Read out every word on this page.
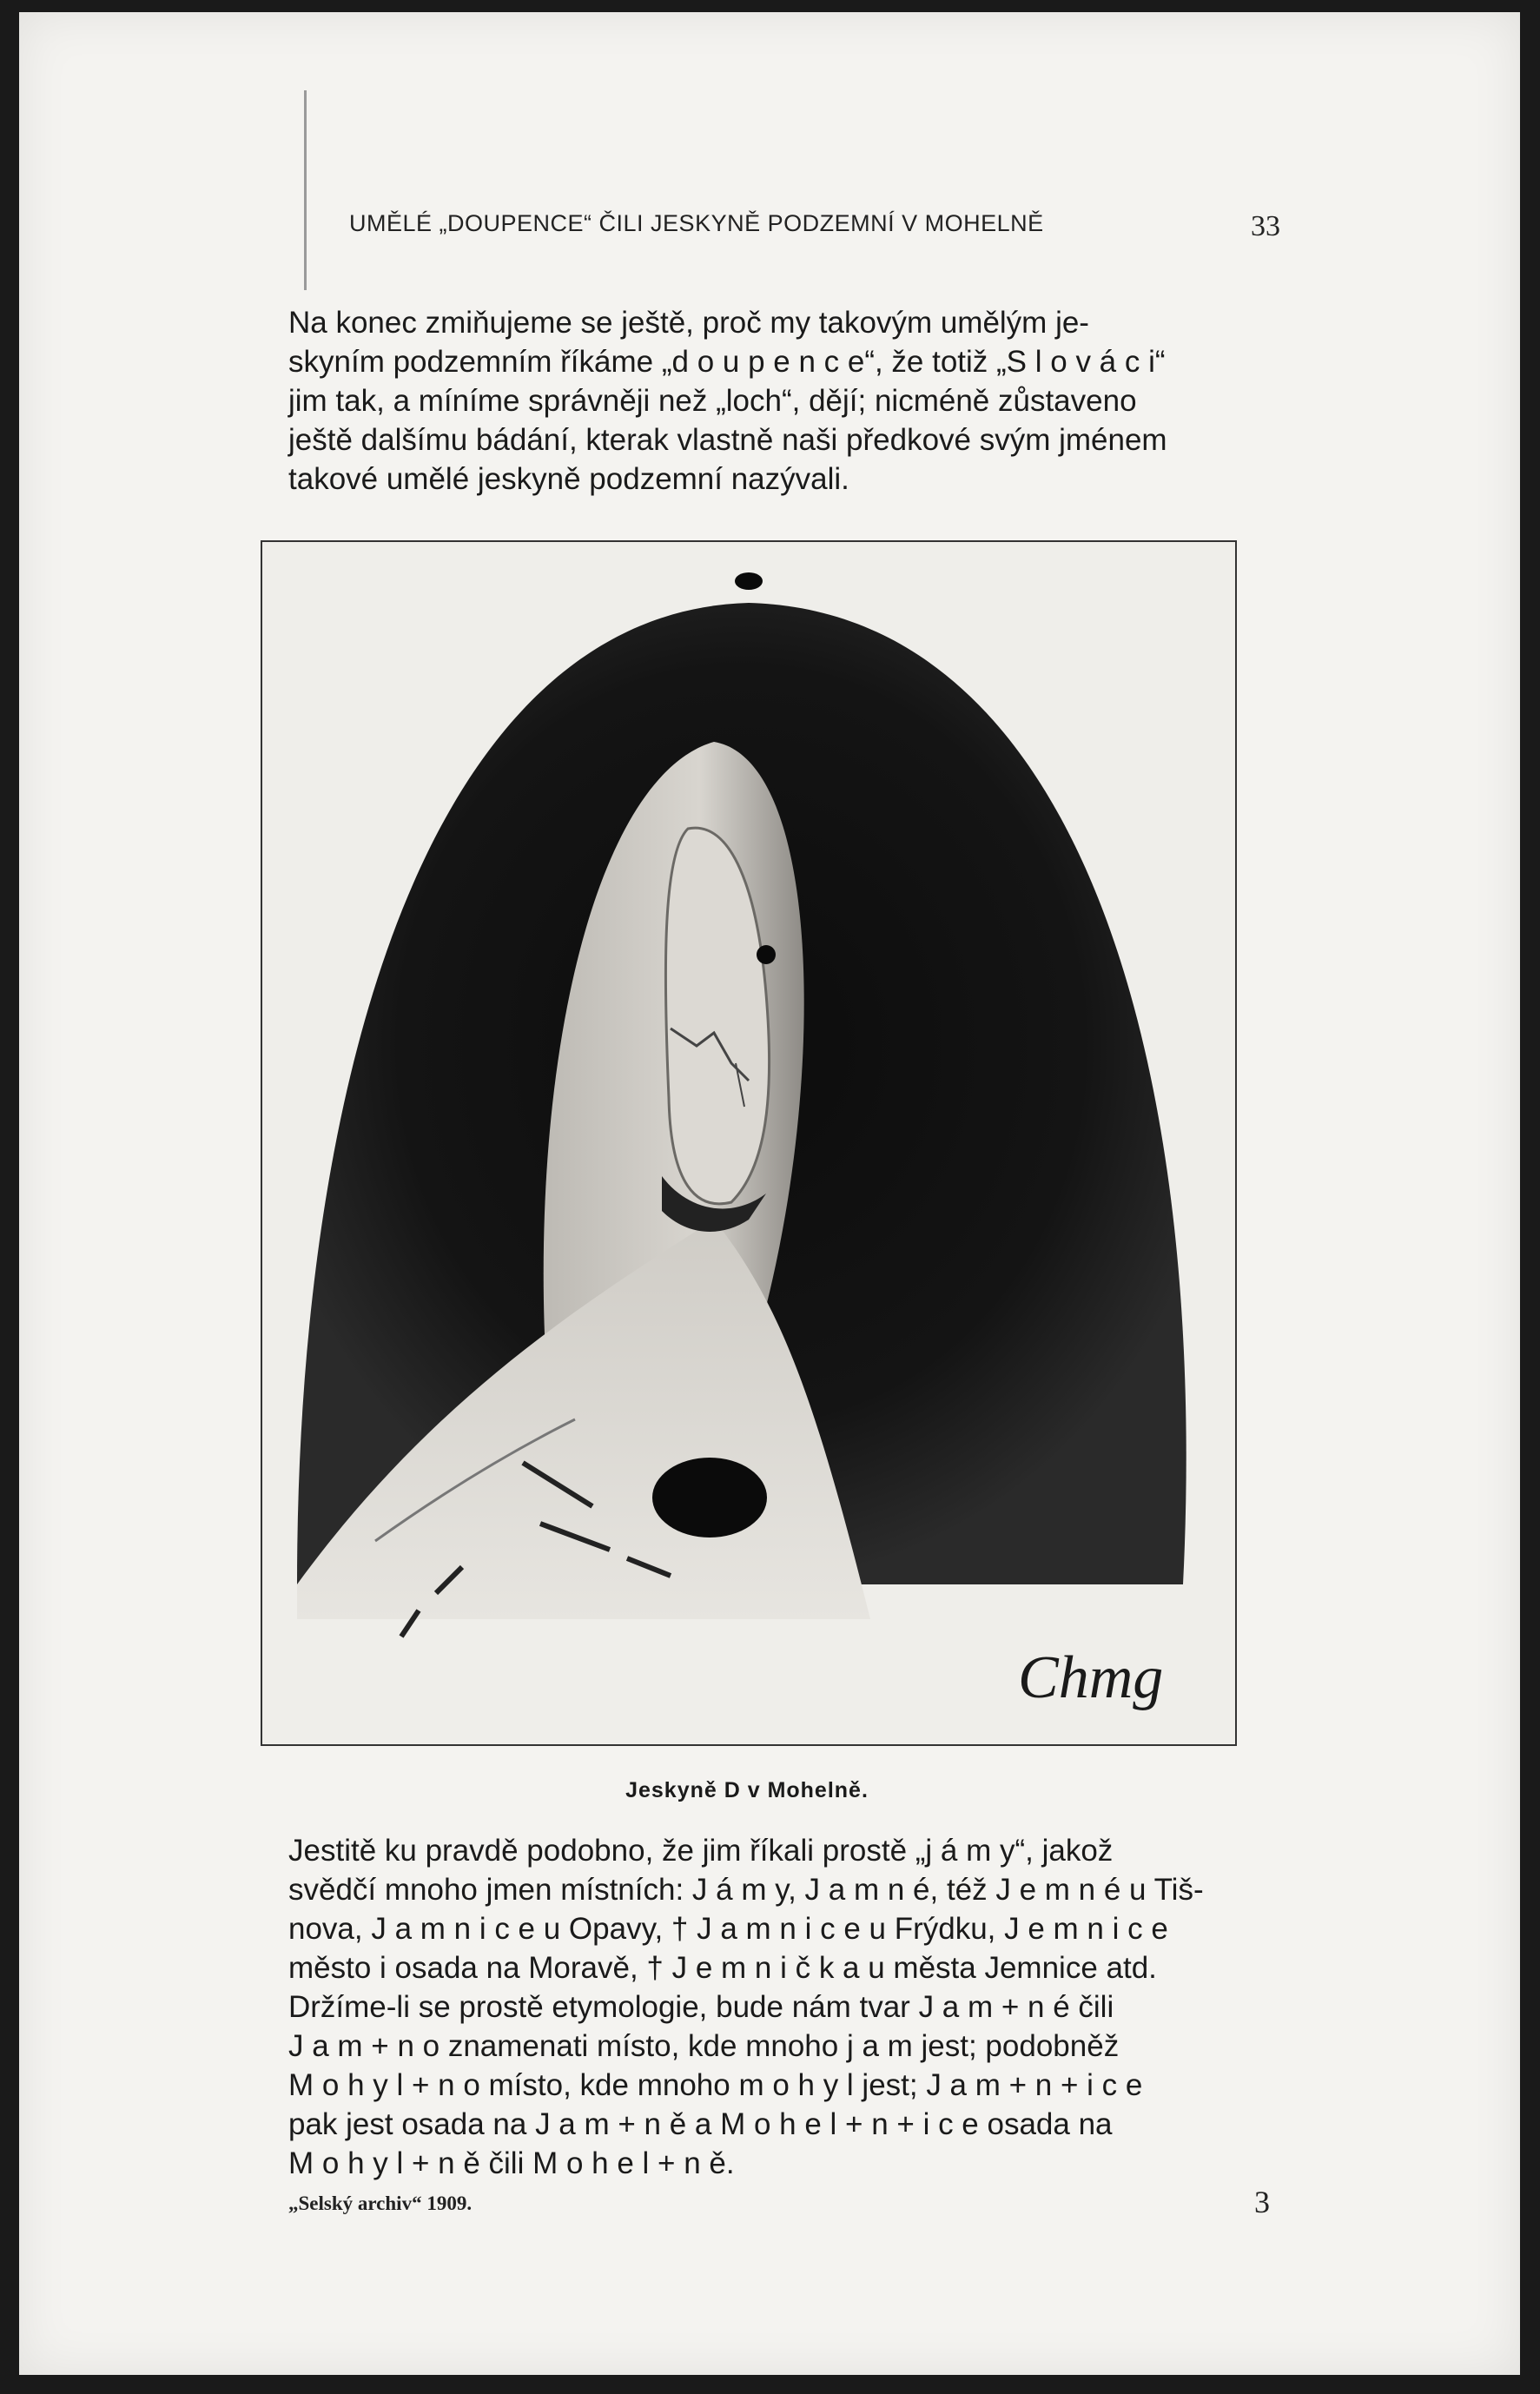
UMĚLÉ „DOUPENCE“ ČILI JESKYNĚ PODZEMNÍ V MOHELNĚ	33

Na konec zmiňujeme se ještě, proč my takovým umělým je-

skyním podzemním říkáme „d o u p e n c e“, že totiž „S l o v á c i“

jim tak, a míníme správněji než „loch“, dějí; nicméně zůstaveno

ještě dalšímu bádání, kterak vlastně naši předkové svým jménem

takové umělé jeskyně podzemní nazývali.

Chmg
Jeskyně D v Mohelně.

Jestitě ku pravdě podobno, že jim říkali prostě „j á m y“, jakož

svědčí mnoho jmen místních: J á m y, J a m n é, též J e m n é u Tiš-

nova, J a m n i c e u Opavy, † J a m n i c e u Frýdku, J e m n i c e

město i osada na Moravě, † J e m n i č k a u města Jemnice atd.

Držíme-li se prostě etymologie, bude nám tvar J a m + n é čili

J a m + n o znamenati místo, kde mnoho j a m jest; podobněž

M o h y l + n o místo, kde mnoho m o h y l jest; J a m + n + i c e

pak jest osada na J a m + n ě a M o h e l + n + i c e osada na

M o h y l + n ě čili M o h e l + n ě.

„Selský archiv“ 1909.	3
